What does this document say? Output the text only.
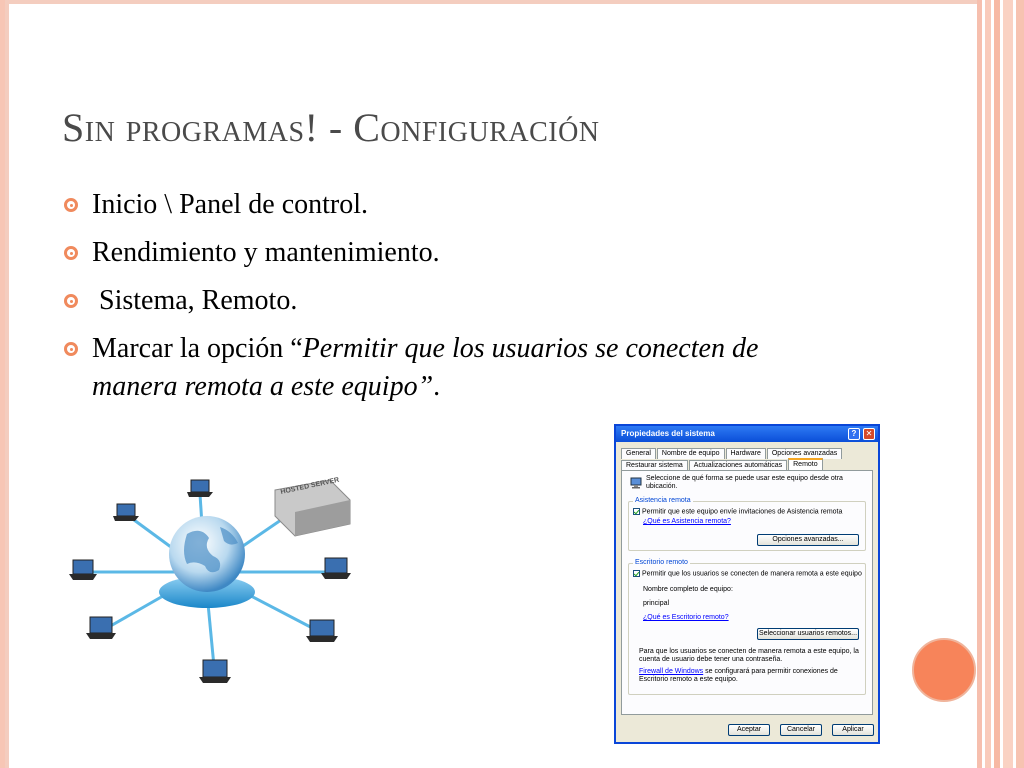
Sin programas! - Configuración
Inicio \ Panel de control.
Rendimiento y mantenimiento.
Sistema, Remoto.
Marcar la opción “Permitir que los usuarios se conecten de manera remota a este equipo”.
HOSTED SERVER
Propiedades del sistema	?	✕
General Nombre de equipo Hardware Opciones avanzadas
Restaurar sistema Actualizaciones automáticas Remoto
Seleccione de qué forma se puede usar este equipo desde otra ubicación.
Asistencia remota
Permitir que este equipo envíe invitaciones de Asistencia remota
¿Qué es Asistencia remota?
Opciones avanzadas...
Escritorio remoto
Permitir que los usuarios se conecten de manera remota a este equipo
Nombre completo de equipo:
principal
¿Qué es Escritorio remoto?
Seleccionar usuarios remotos...
Para que los usuarios se conecten de manera remota a este equipo, la cuenta de usuario debe tener una contraseña.
Firewall de Windows se configurará para permitir conexiones de Escritorio remoto a este equipo.
Aceptar	Cancelar	Aplicar
